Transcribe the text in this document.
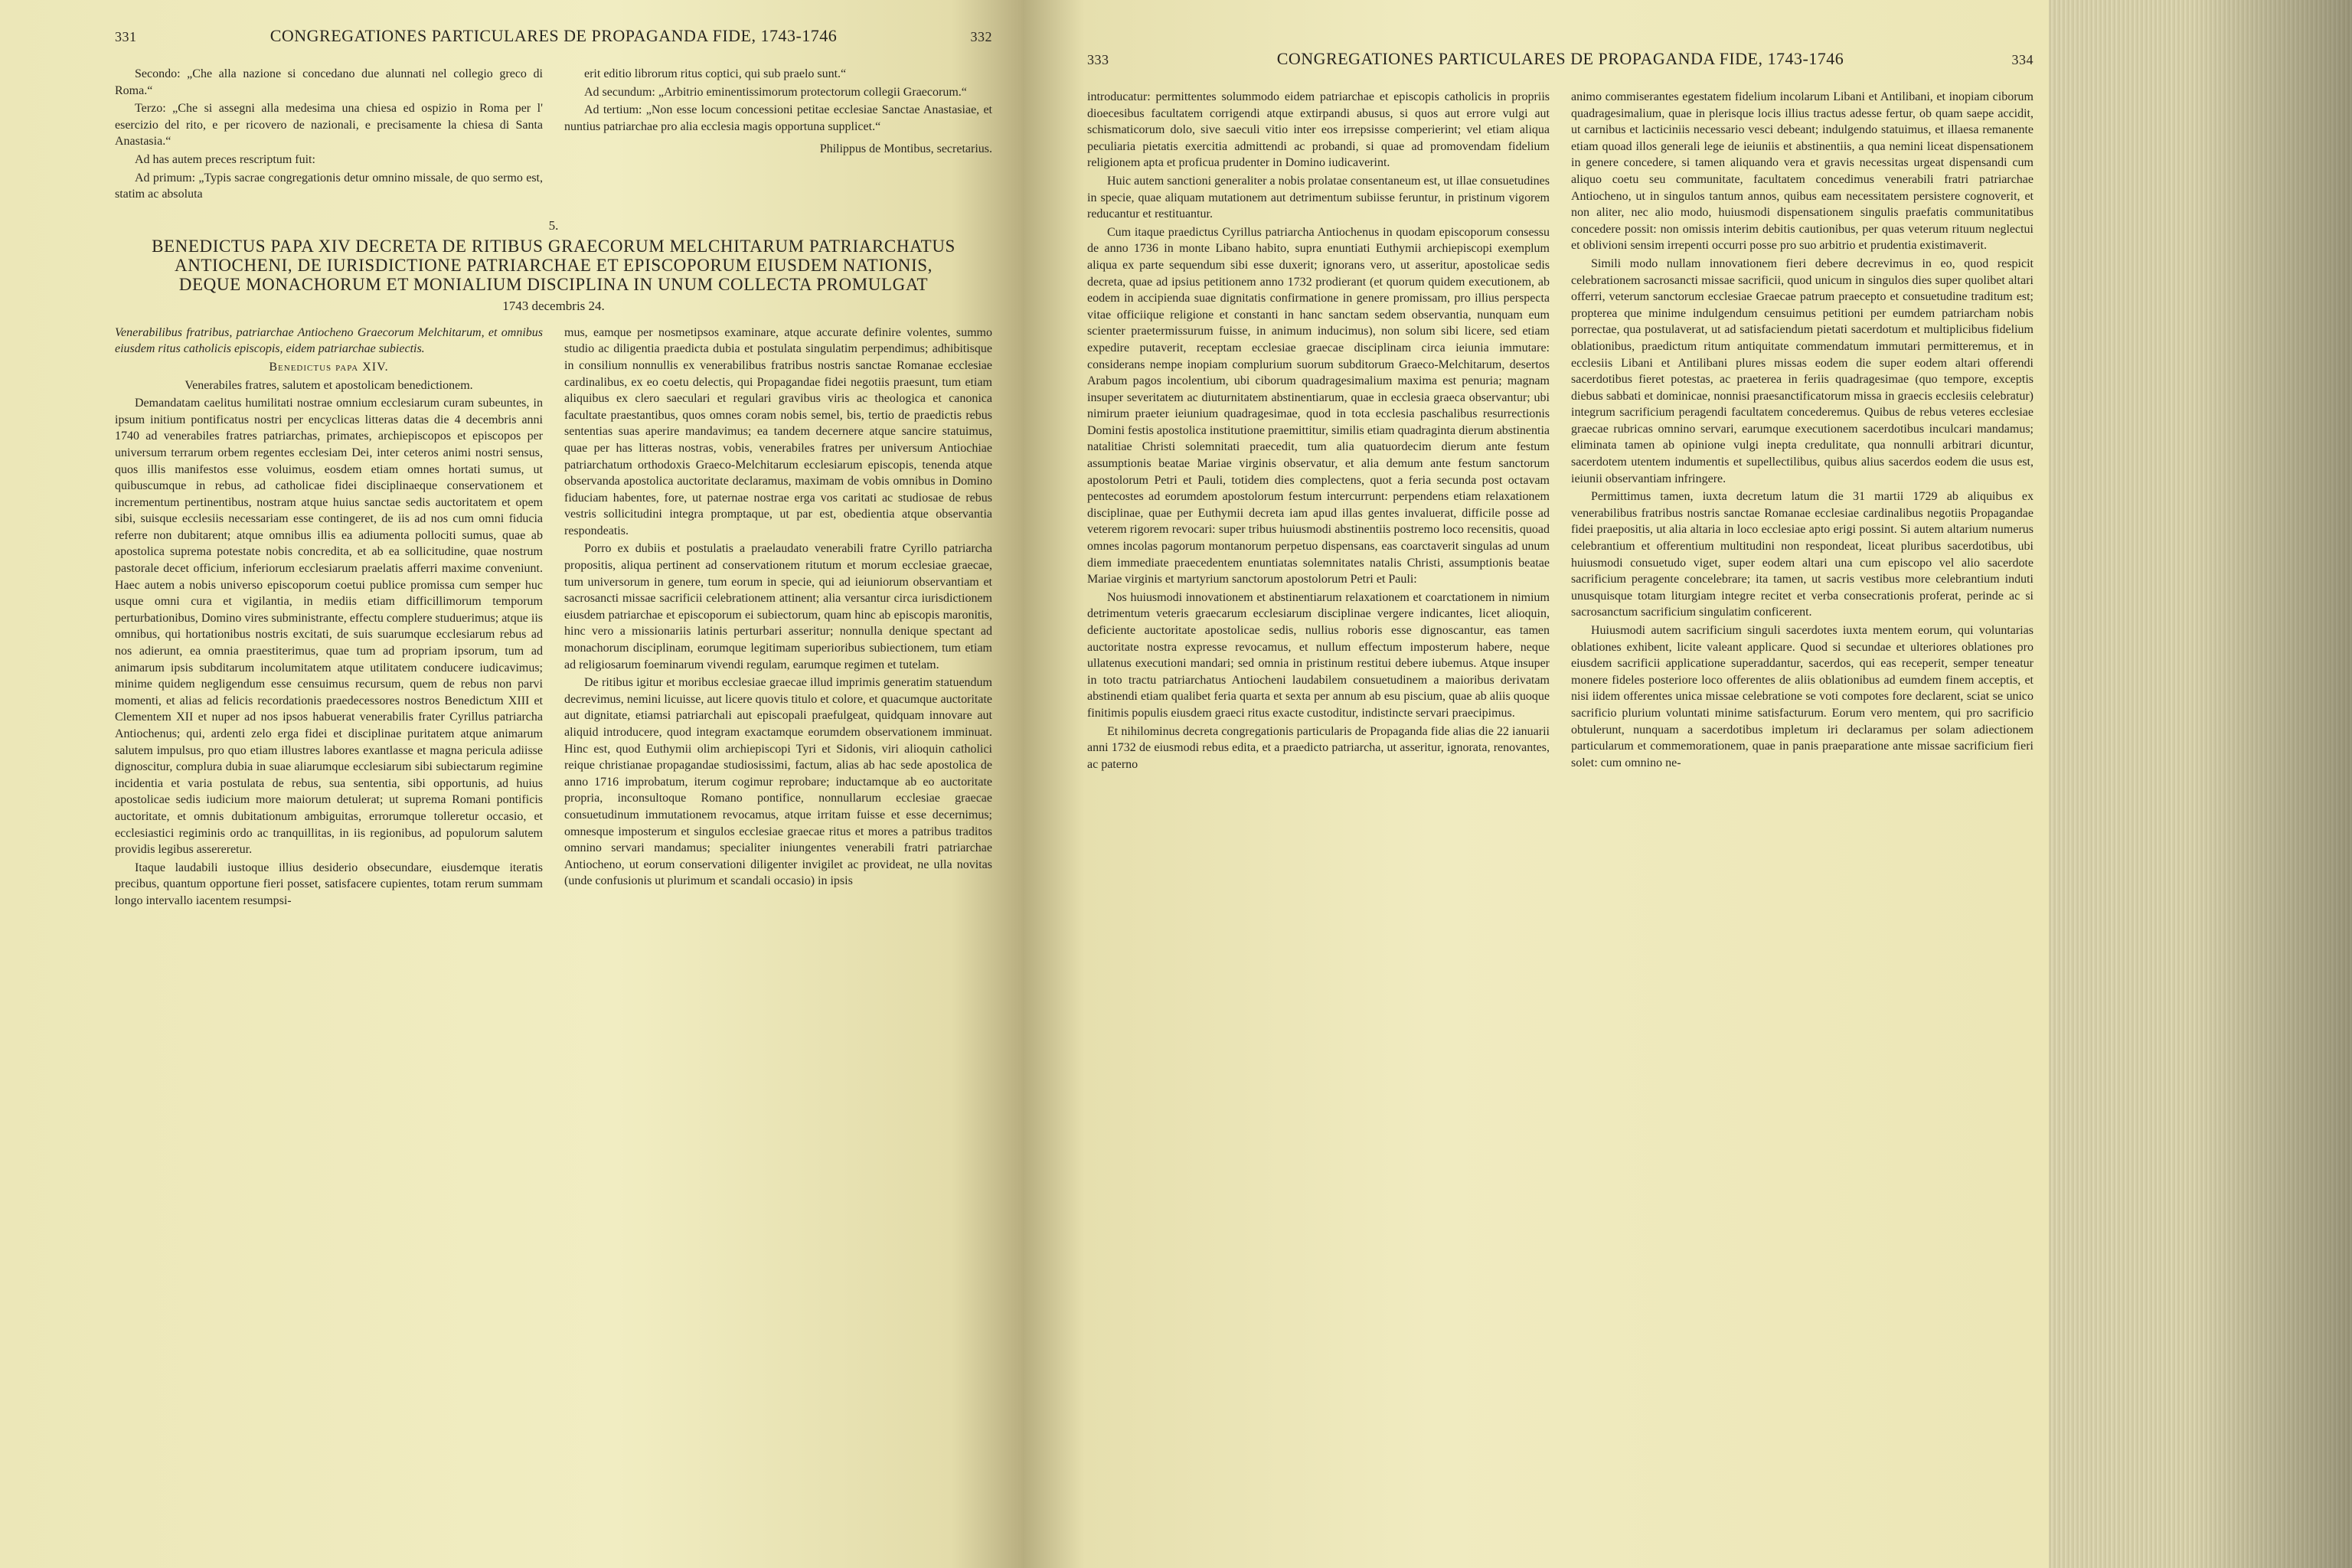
331	CONGREGATIONES PARTICULARES DE PROPAGANDA FIDE, 1743-1746	332

Secondo: „Che alla nazione si concedano due alunnati nel collegio greco di Roma.“

Terzo: „Che si assegni alla medesima una chiesa ed ospizio in Roma per l' esercizio del rito, e per ricovero de nazionali, e precisamente la chiesa di Santa Anastasia.“

Ad has autem preces rescriptum fuit:

Ad primum: „Typis sacrae congregationis detur omnino missale, de quo sermo est, statim ac absoluta

erit editio librorum ritus coptici, qui sub praelo sunt.“

Ad secundum: „Arbitrio eminentissimorum protectorum collegii Graecorum.“

Ad tertium: „Non esse locum concessioni petitae ecclesiae Sanctae Anastasiae, et nuntius patriarchae pro alia ecclesia magis opportuna supplicet.“

Philippus de Montibus, secretarius.
5.
BENEDICTUS PAPA XIV DECRETA DE RITIBUS GRAECORUM MELCHITARUM PATRIARCHATUS ANTIOCHENI, DE IURISDICTIONE PATRIARCHAE ET EPISCOPORUM EIUSDEM NATIONIS, DEQUE MONACHORUM ET MONIALIUM DISCIPLINA IN UNUM COLLECTA PROMULGAT
1743 decembris 24.

Venerabilibus fratribus, patriarchae Antiocheno Graecorum Melchitarum, et omnibus eiusdem ritus catholicis episcopis, eidem patriarchae subiectis.

Benedictus papa XIV.

Venerabiles fratres, salutem et apostolicam benedictionem.

Demandatam caelitus humilitati nostrae omnium ecclesiarum curam subeuntes, in ipsum initium pontificatus nostri per encyclicas litteras datas die 4 decembris anni 1740 ad venerabiles fratres patriarchas, primates, archiepiscopos et episcopos per universum terrarum orbem regentes ecclesiam Dei, inter ceteros animi nostri sensus, quos illis manifestos esse voluimus, eosdem etiam omnes hortati sumus, ut quibuscumque in rebus, ad catholicae fidei disciplinaeque conservationem et incrementum pertinentibus, nostram atque huius sanctae sedis auctoritatem et opem sibi, suisque ecclesiis necessariam esse contingeret, de iis ad nos cum omni fiducia referre non dubitarent; atque omnibus illis ea adiumenta pollociti sumus, quae ab apostolica suprema potestate nobis concredita, et ab ea sollicitudine, quae nostrum pastorale decet officium, inferiorum ecclesiarum praelatis afferri maxime conveniunt. Haec autem a nobis universo episcoporum coetui publice promissa cum semper huc usque omni cura et vigilantia, in mediis etiam difficillimorum temporum perturbationibus, Domino vires subministrante, effectu complere studuerimus; atque iis omnibus, qui hortationibus nostris excitati, de suis suarumque ecclesiarum rebus ad nos adierunt, ea omnia praestiterimus, quae tum ad propriam ipsorum, tum ad animarum ipsis subditarum incolumitatem atque utilitatem conducere iudicavimus; minime quidem negligendum esse censuimus recursum, quem de rebus non parvi momenti, et alias ad felicis recordationis praedecessores nostros Benedictum XIII et Clementem XII et nuper ad nos ipsos habuerat venerabilis frater Cyrillus patriarcha Antiochenus; qui, ardenti zelo erga fidei et disciplinae puritatem atque animarum salutem impulsus, pro quo etiam illustres labores exantlasse et magna pericula adiisse dignoscitur, complura dubia in suae aliarumque ecclesiarum sibi subiectarum regimine incidentia et varia postulata de rebus, sua sententia, sibi opportunis, ad huius apostolicae sedis iudicium more maiorum detulerat; ut suprema Romani pontificis auctoritate, et omnis dubitationum ambiguitas, errorumque tolleretur occasio, et ecclesiastici regiminis ordo ac tranquillitas, in iis regionibus, ad populorum salutem providis legibus assereretur.

Itaque laudabili iustoque illius desiderio obsecundare, eiusdemque iteratis precibus, quantum opportune fieri posset, satisfacere cupientes, totam rerum summam longo intervallo iacentem resumpsi-

mus, eamque per nosmetipsos examinare, atque accurate definire volentes, summo studio ac diligentia praedicta dubia et postulata singulatim perpendimus; adhibitisque in consilium nonnullis ex venerabilibus fratribus nostris sanctae Romanae ecclesiae cardinalibus, ex eo coetu delectis, qui Propagandae fidei negotiis praesunt, tum etiam aliquibus ex clero saeculari et regulari gravibus viris ac theologica et canonica facultate praestantibus, quos omnes coram nobis semel, bis, tertio de praedictis rebus sententias suas aperire mandavimus; ea tandem decernere atque sancire statuimus, quae per has litteras nostras, vobis, venerabiles fratres per universum Antiochiae patriarchatum orthodoxis Graeco-Melchitarum ecclesiarum episcopis, tenenda atque observanda apostolica auctoritate declaramus, maximam de vobis omnibus in Domino fiduciam habentes, fore, ut paternae nostrae erga vos caritati ac studiosae de rebus vestris sollicitudini integra promptaque, ut par est, obedientia atque observantia respondeatis.

Porro ex dubiis et postulatis a praelaudato venerabili fratre Cyrillo patriarcha propositis, aliqua pertinent ad conservationem ritutum et morum ecclesiae graecae, tum universorum in genere, tum eorum in specie, qui ad ieiuniorum observantiam et sacrosancti missae sacrificii celebrationem attinent; alia versantur circa iurisdictionem eiusdem patriarchae et episcoporum ei subiectorum, quam hinc ab episcopis maronitis, hinc vero a missionariis latinis perturbari asseritur; nonnulla denique spectant ad monachorum disciplinam, eorumque legitimam superioribus subiectionem, tum etiam ad religiosarum foeminarum vivendi regulam, earumque regimen et tutelam.

De ritibus igitur et moribus ecclesiae graecae illud imprimis generatim statuendum decrevimus, nemini licuisse, aut licere quovis titulo et colore, et quacumque auctoritate aut dignitate, etiamsi patriarchali aut episcopali praefulgeat, quidquam innovare aut aliquid introducere, quod integram exactamque eorumdem observationem imminuat. Hinc est, quod Euthymii olim archiepiscopi Tyri et Sidonis, viri alioquin catholici reique christianae propagandae studiosissimi, factum, alias ab hac sede apostolica de anno 1716 improbatum, iterum cogimur reprobare; inductamque ab eo auctoritate propria, inconsultoque Romano pontifice, nonnullarum ecclesiae graecae consuetudinum immutationem revocamus, atque irritam fuisse et esse decernimus; omnesque imposterum et singulos ecclesiae graecae ritus et mores a patribus traditos omnino servari mandamus; specialiter iniungentes venerabili fratri patriarchae Antiocheno, ut eorum conservationi diligenter invigilet ac provideat, ne ulla novitas (unde confusionis ut plurimum et scandali occasio) in ipsis

333	CONGREGATIONES PARTICULARES DE PROPAGANDA FIDE, 1743-1746	334

introducatur: permittentes solummodo eidem patriarchae et episcopis catholicis in propriis dioecesibus facultatem corrigendi atque extirpandi abusus, si quos aut errore vulgi aut schismaticorum dolo, sive saeculi vitio inter eos irrepsisse comperierint; vel etiam aliqua peculiaria pietatis exercitia admittendi ac probandi, si quae ad promovendam fidelium religionem apta et proficua prudenter in Domino iudicaverint.

Huic autem sanctioni generaliter a nobis prolatae consentaneum est, ut illae consuetudines in specie, quae aliquam mutationem aut detrimentum subiisse feruntur, in pristinum vigorem reducantur et restituantur.

Cum itaque praedictus Cyrillus patriarcha Antiochenus in quodam episcoporum consessu de anno 1736 in monte Libano habito, supra enuntiati Euthymii archiepiscopi exemplum aliqua ex parte sequendum sibi esse duxerit; ignorans vero, ut asseritur, apostolicae sedis decreta, quae ad ipsius petitionem anno 1732 prodierant (et quorum quidem executionem, ab eodem in accipienda suae dignitatis confirmatione in genere promissam, pro illius perspecta vitae officiique religione et constanti in hanc sanctam sedem observantia, nunquam eum scienter praetermissurum fuisse, in animum inducimus), non solum sibi licere, sed etiam expedire putaverit, receptam ecclesiae graecae disciplinam circa ieiunia immutare: considerans nempe inopiam complurium suorum subditorum Graeco-Melchitarum, desertos Arabum pagos incolentium, ubi ciborum quadragesimalium maxima est penuria; magnam insuper severitatem ac diuturnitatem abstinentiarum, quae in ecclesia graeca observantur; ubi nimirum praeter ieiunium quadragesimae, quod in tota ecclesia paschalibus resurrectionis Domini festis apostolica institutione praemittitur, similis etiam quadraginta dierum abstinentia natalitiae Christi solemnitati praecedit, tum alia quatuordecim dierum ante festum assumptionis beatae Mariae virginis observatur, et alia demum ante festum sanctorum apostolorum Petri et Pauli, totidem dies complectens, quot a feria secunda post octavam pentecostes ad eorumdem apostolorum festum intercurrunt: perpendens etiam relaxationem disciplinae, quae per Euthymii decreta iam apud illas gentes invaluerat, difficile posse ad veterem rigorem revocari: super tribus huiusmodi abstinentiis postremo loco recensitis, quoad omnes incolas pagorum montanorum perpetuo dispensans, eas coarctaverit singulas ad unum diem immediate praecedentem enuntiatas solemnitates natalis Christi, assumptionis beatae Mariae virginis et martyrium sanctorum apostolorum Petri et Pauli:

Nos huiusmodi innovationem et abstinentiarum relaxationem et coarctationem in nimium detrimentum veteris graecarum ecclesiarum disciplinae vergere indicantes, licet alioquin, deficiente auctoritate apostolicae sedis, nullius roboris esse dignoscantur, eas tamen auctoritate nostra expresse revocamus, et nullum effectum imposterum habere, neque ullatenus executioni mandari; sed omnia in pristinum restitui debere iubemus. Atque insuper in toto tractu patriarchatus Antiocheni laudabilem consuetudinem a maioribus derivatam abstinendi etiam qualibet feria quarta et sexta per annum ab esu piscium, quae ab aliis quoque finitimis populis eiusdem graeci ritus exacte custoditur, indistincte servari praecipimus.

Et nihilominus decreta congregationis particularis de Propaganda fide alias die 22 ianuarii anni 1732 de eiusmodi rebus edita, et a praedicto patriarcha, ut asseritur, ignorata, renovantes, ac paterno

animo commiserantes egestatem fidelium incolarum Libani et Antilibani, et inopiam ciborum quadragesimalium, quae in plerisque locis illius tractus adesse fertur, ob quam saepe accidit, ut carnibus et lacticiniis necessario vesci debeant; indulgendo statuimus, et illaesa remanente etiam quoad illos generali lege de ieiuniis et abstinentiis, a qua nemini liceat dispensationem in genere concedere, si tamen aliquando vera et gravis necessitas urgeat dispensandi cum aliquo coetu seu communitate, facultatem concedimus venerabili fratri patriarchae Antiocheno, ut in singulos tantum annos, quibus eam necessitatem persistere cognoverit, et non aliter, nec alio modo, huiusmodi dispensationem singulis praefatis communitatibus concedere possit: non omissis interim debitis cautionibus, per quas veterum rituum neglectui et oblivioni sensim irrepenti occurri posse pro suo arbitrio et prudentia existimaverit.

Simili modo nullam innovationem fieri debere decrevimus in eo, quod respicit celebrationem sacrosancti missae sacrificii, quod unicum in singulos dies super quolibet altari offerri, veterum sanctorum ecclesiae Graecae patrum praecepto et consuetudine traditum est; propterea que minime indulgendum censuimus petitioni per eumdem patriarcham nobis porrectae, qua postulaverat, ut ad satisfaciendum pietati sacerdotum et multiplicibus fidelium oblationibus, praedictum ritum antiquitate commendatum immutari permitteremus, et in ecclesiis Libani et Antilibani plures missas eodem die super eodem altari offerendi sacerdotibus fieret potestas, ac praeterea in feriis quadragesimae (quo tempore, exceptis diebus sabbati et dominicae, nonnisi praesanctificatorum missa in graecis ecclesiis celebratur) integrum sacrificium peragendi facultatem concederemus. Quibus de rebus veteres ecclesiae graecae rubricas omnino servari, earumque executionem sacerdotibus inculcari mandamus; eliminata tamen ab opinione vulgi inepta credulitate, qua nonnulli arbitrari dicuntur, sacerdotem utentem indumentis et supellectilibus, quibus alius sacerdos eodem die usus est, ieiunii observantiam infringere.

Permittimus tamen, iuxta decretum latum die 31 martii 1729 ab aliquibus ex venerabilibus fratribus nostris sanctae Romanae ecclesiae cardinalibus negotiis Propagandae fidei praepositis, ut alia altaria in loco ecclesiae apto erigi possint. Si autem altarium numerus celebrantium et offerentium multitudini non respondeat, liceat pluribus sacerdotibus, ubi huiusmodi consuetudo viget, super eodem altari una cum episcopo vel alio sacerdote sacrificium peragente concelebrare; ita tamen, ut sacris vestibus more celebrantium induti unusquisque totam liturgiam integre recitet et verba consecrationis proferat, perinde ac si sacrosanctum sacrificium singulatim conficerent.

Huiusmodi autem sacrificium singuli sacerdotes iuxta mentem eorum, qui voluntarias oblationes exhibent, licite valeant applicare. Quod si secundae et ulteriores oblationes pro eiusdem sacrificii applicatione superaddantur, sacerdos, qui eas receperit, semper teneatur monere fideles posteriore loco offerentes de aliis oblationibus ad eumdem finem acceptis, et nisi iidem offerentes unica missae celebratione se voti compotes fore declarent, sciat se unico sacrificio plurium voluntati minime satisfacturum. Eorum vero mentem, qui pro sacrificio obtulerunt, nunquam a sacerdotibus impletum iri declaramus per solam adiectionem particularum et commemorationem, quae in panis praeparatione ante missae sacrificium fieri solet: cum omnino ne-
